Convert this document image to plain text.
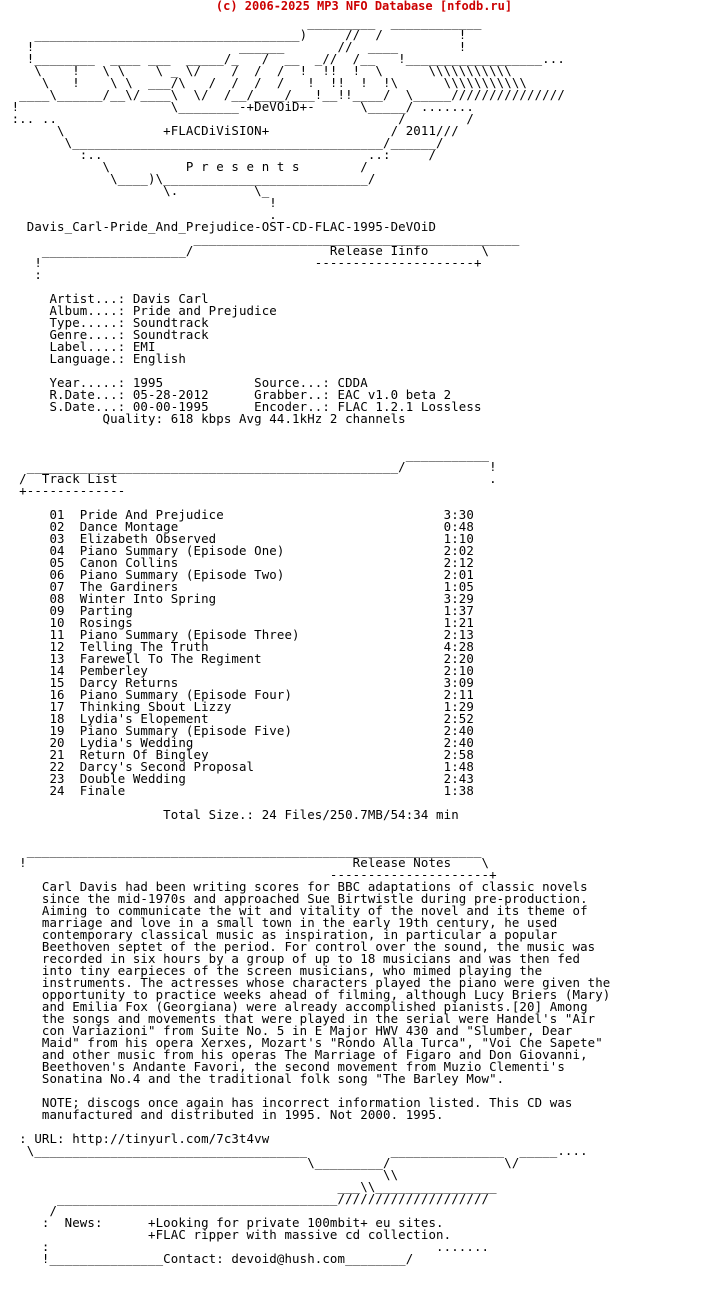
(c) 2006-2025 MP3 NFO Database [nfodb.ru]
_________  ____________
___________________________________)     //  /          !
!                           ______       //  ____        !
!________  ____ ___  _____/_   /  __  _//  /__   !__________________...
\    !   \ \    \ _ \/    /  /  /  !  !!  !  \      \\\\\\\\\\\
\   !    \ \  ___/\   /  /  /  /   !  !!  !  !\      \\\\\\\\\\\
____\______/__\/____\  \/  /__/____/___!__!!____/  \_____///////////////
!                    \________-+DeVOiD+-      \_____/ .......
:.. ..                                             /        /
\             +FLACDiViSION+                / 2011///
\_________________________________________/______/
:..                                   ..:     /
\          P r e s e n t s        /
\____)\___________________________/
\.          \_
!
.
Davis_Carl-Pride_And_Prejudice-OST-CD-FLAC-1995-DeVOiD
___________________________________________
___________________/                  Release Iinfo       \
!                                    ---------------------+
:

Artist...: Davis Carl
Album....: Pride and Prejudice
Type.....: Soundtrack
Genre....: Soundtrack
Label....: EMI
Language.: English

Year.....: 1995            Source...: CDDA
R.Date...: 05-28-2012      Grabber..: EAC v1.0 beta 2
S.Date...: 00-00-1995      Encoder..: FLAC 1.2.1 Lossless
Quality: 618 kbps Avg 44.1kHz 2 channels

___________
_________________________________________________/           !
/  Track List                                                 .
+-------------

01  Pride And Prejudice                             3:30
02  Dance Montage                                   0:48
03  Elizabeth Observed                              1:10
04  Piano Summary (Episode One)                     2:02
05  Canon Collins                                   2:12
06  Piano Summary (Episode Two)                     2:01
07  The Gardiners                                   1:05
08  Winter Into Spring                              3:29
09  Parting                                         1:37
10  Rosings                                         1:21
11  Piano Summary (Episode Three)                   2:13
12  Telling The Truth                               4:28
13  Farewell To The Regiment                        2:20
14  Pemberley                                       2:10
15  Darcy Returns                                   3:09
16  Piano Summary (Episode Four)                    2:11
17  Thinking Sbout Lizzy                            1:29
18  Lydia's Elopement                               2:52
19  Piano Summary (Episode Five)                    2:40
20  Lydia's Wedding                                 2:40
21  Return Of Bingley                               2:58
22  Darcy's Second Proposal                         1:48
23  Double Wedding                                  2:43
24  Finale                                          1:38

Total Size.: 24 Files/250.7MB/54:34 min

____________________________________________________________
!                                           Release Notes    \
---------------------+
Carl Davis had been writing scores for BBC adaptations of classic novels
since the mid-1970s and approached Sue Birtwistle during pre-production.
Aiming to communicate the wit and vitality of the novel and its theme of
marriage and love in a small town in the early 19th century, he used
contemporary classical music as inspiration, in particular a popular
Beethoven septet of the period. For control over the sound, the music was
recorded in six hours by a group of up to 18 musicians and was then fed
into tiny earpieces of the screen musicians, who mimed playing the
instruments. The actresses whose characters played the piano were given the
opportunity to practice weeks ahead of filming, although Lucy Briers (Mary)
and Emilia Fox (Georgiana) were already accomplished pianists.[20] Among
the songs and movements that were played in the serial were Handel's "Air
con Variazioni" from Suite No. 5 in E Major HWV 430 and "Slumber, Dear
Maid" from his opera Xerxes, Mozart's "Rondo Alla Turca", "Voi Che Sapete"
and other music from his operas The Marriage of Figaro and Don Giovanni,
Beethoven's Andante Favori, the second movement from Muzio Clementi's
Sonatina No.4 and the traditional folk song "The Barley Mow".

NOTE; discogs once again has incorrect information listed. This CD was
manufactured and distributed in 1995. Not 2000. 1995.

: URL: http://tinyurl.com/7c3t4vw
\____________________________________           _______________  _____....
\_________/               \/
\\
___\\________________
_____________________________________////////////////////
/
:  News:      +Looking for private 100mbit+ eu sites.
+FLAC ripper with massive cd collection.
:                                                   .......
!_______________Contact: devoid@hush.com________/
